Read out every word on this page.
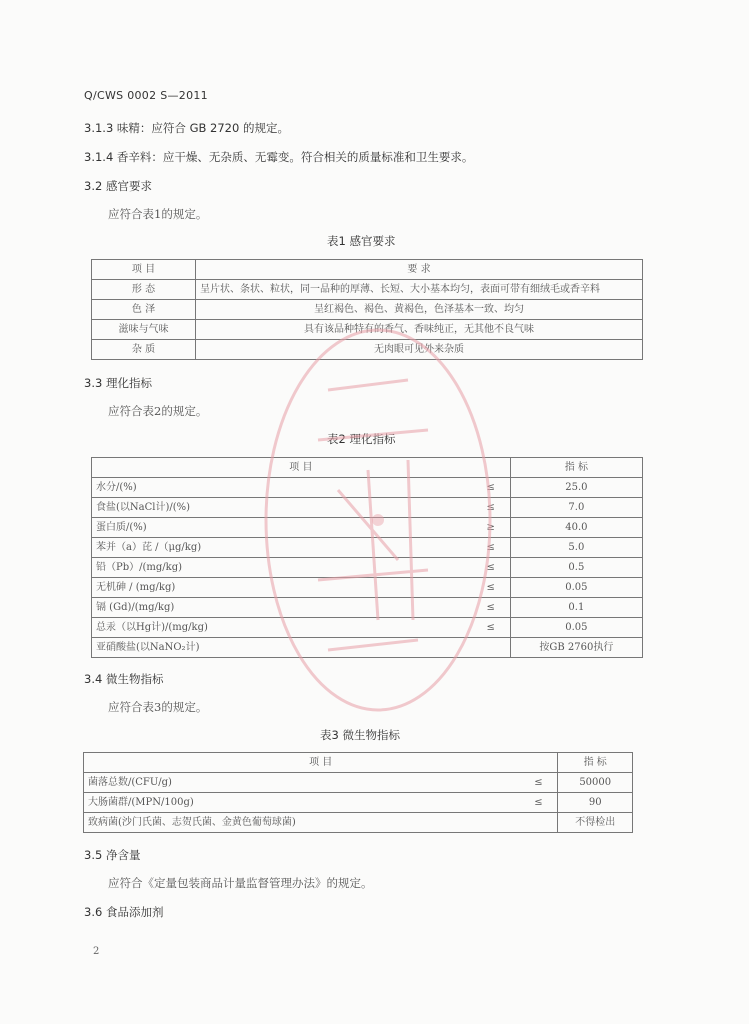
Q/CWS 0002 S—2011
3.1.3 味精：应符合 GB 2720 的规定。
3.1.4 香辛料：应干燥、无杂质、无霉变。符合相关的质量标准和卫生要求。
3.2 感官要求
应符合表1的规定。
表1 感官要求
项 目	要 求
形 态	呈片状、条状、粒状，同一品种的厚薄、长短、大小基本均匀，表面可带有细绒毛或香辛料
色 泽	呈红褐色、褐色、黄褐色，色泽基本一致、均匀
滋味与气味	具有该品种特有的香气、香味纯正，无其他不良气味
杂 质	无肉眼可见外来杂质
3.3 理化指标
应符合表2的规定。
表2 理化指标
项 目		指 标
水分/(%)	≤	25.0
食盐(以NaCl计)/(%)	≤	7.0
蛋白质/(%)	≥	40.0
苯并（a）芘 /（μg/kg)	≤	5.0
铅（Pb）/(mg/kg)	≤	0.5
无机砷 / (mg/kg)	≤	0.05
镉 (Gd)/(mg/kg)	≤	0.1
总汞（以Hg计)/(mg/kg)	≤	0.05
亚硝酸盐(以NaNO₂计)		按GB 2760执行
3.4 微生物指标
应符合表3的规定。
表3 微生物指标
项 目		指 标
菌落总数/(CFU/g)	≤	50000
大肠菌群/(MPN/100g)	≤	90
致病菌(沙门氏菌、志贺氏菌、金黄色葡萄球菌)		不得检出
3.5 净含量
应符合《定量包装商品计量监督管理办法》的规定。
3.6 食品添加剂
2
